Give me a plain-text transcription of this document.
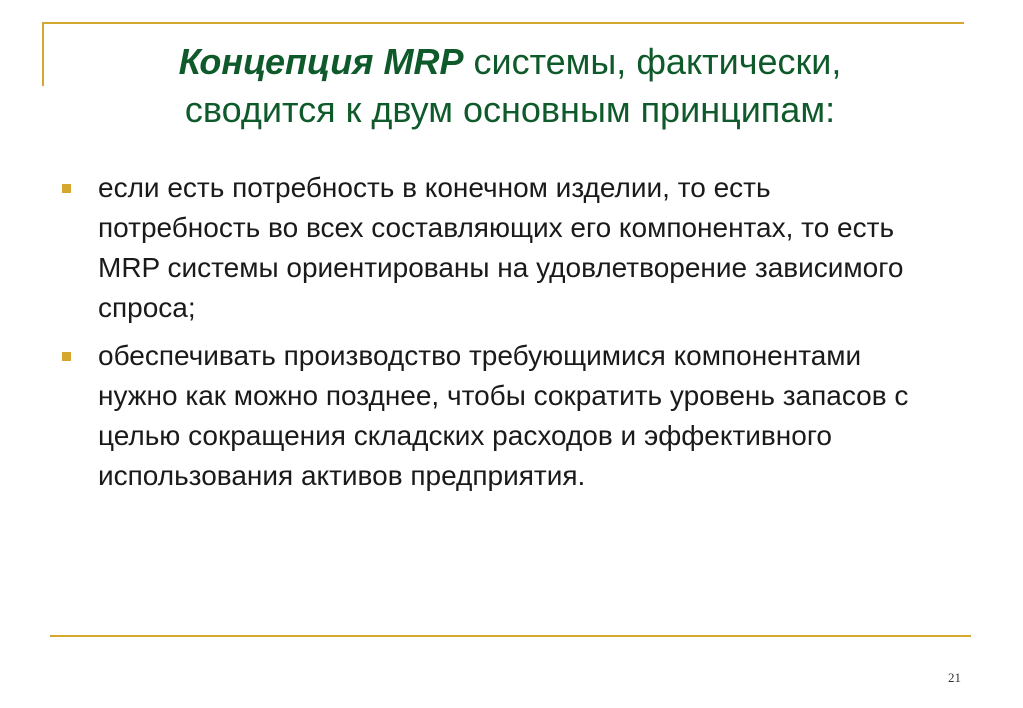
Концепция MRP системы, фактически,
сводится к двум основным принципам:
если есть потребность в конечном изделии, то есть потребность во всех составляющих его компонентах, то есть MRP системы ориентированы на удовлетворение зависимого спроса;
обеспечивать производство требующимися компонентами нужно как можно позднее, чтобы сократить уровень запасов с целью сокращения складских расходов и эффективного использования активов предприятия.
21
